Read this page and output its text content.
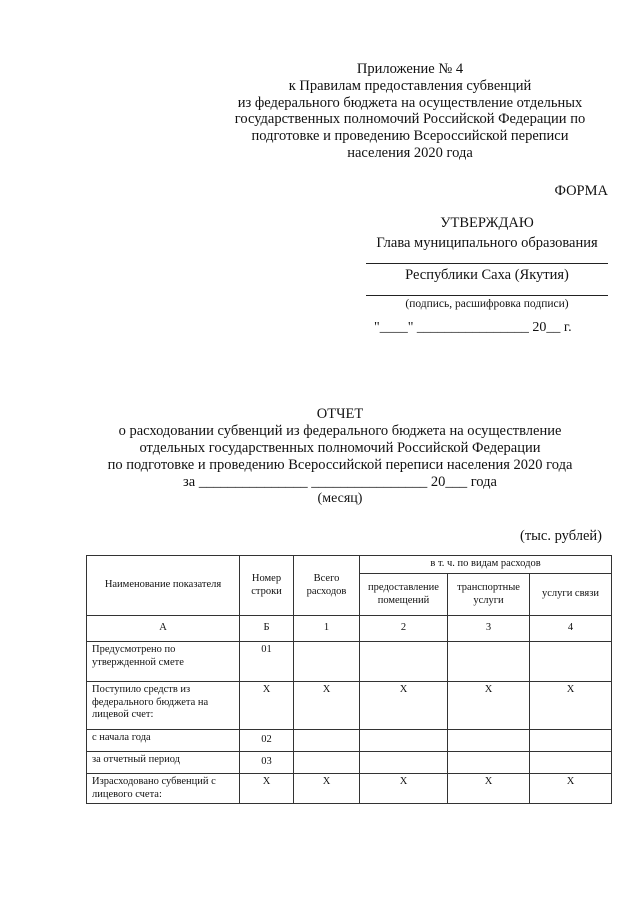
Приложение № 4
к Правилам предоставления субвенций
из федерального бюджета на осуществление отдельных
государственных полномочий Российской Федерации по
подготовке и проведению Всероссийской переписи
населения 2020 года
ФОРМА
УТВЕРЖДАЮ
Глава муниципального образования
Республики Саха (Якутия)
(подпись, расшифровка подписи)
"____" ________________ 20__ г.
ОТЧЕТ
о расходовании субвенций из федерального бюджета на осуществление
отдельных государственных полномочий Российской Федерации
по подготовке и проведению Всероссийской переписи населения 2020 года
за _______________ ________________ 20___ года
(месяц)
(тыс. рублей)
Наименование показателя	Номер строки	Всего расходов	в т. ч. по видам расходов		
			предоставление помещений	транспортные услуги	услуги связи
А	Б	1	2	3	4
Предусмотрено по утвержденной смете	01				
Поступило средств из федерального бюджета на лицевой счет:	Х	Х	Х	Х	Х
с начала года	02				
за отчетный период	03				
Израсходовано субвенций с лицевого счета:	Х	Х	Х	Х	Х
